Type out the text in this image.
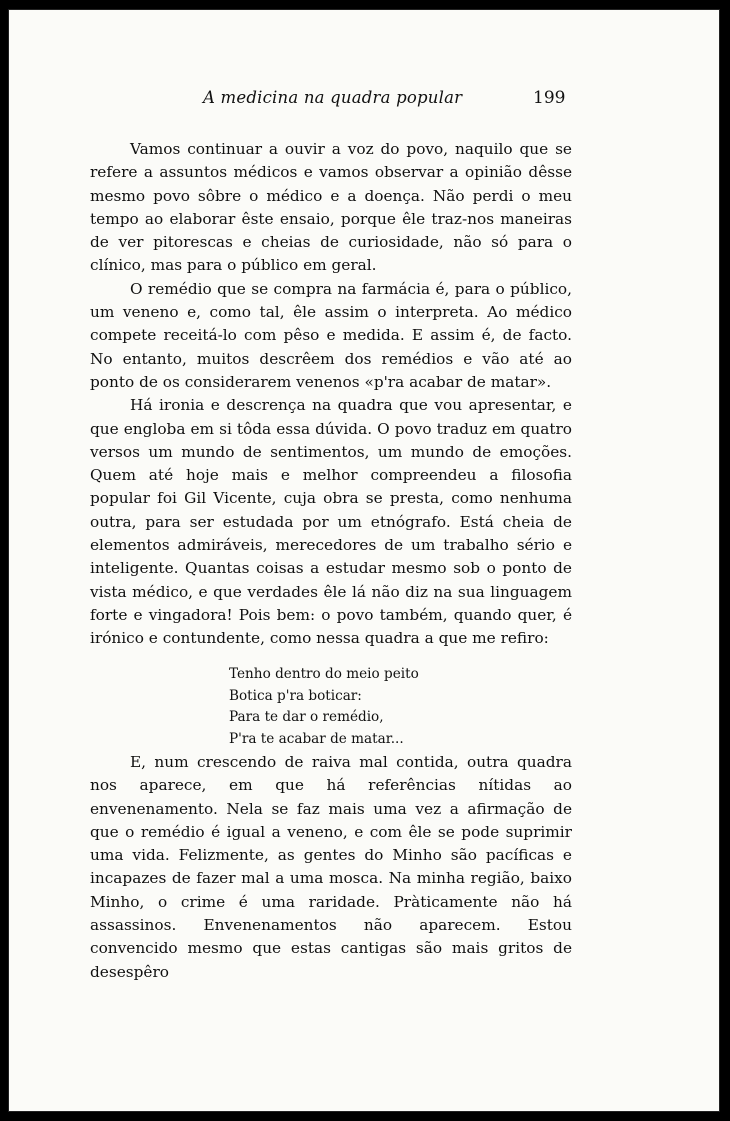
A medicina na quadra popular	199

Vamos continuar a ouvir a voz do povo, naquilo que se refere a assuntos médicos e vamos observar a opinião dêsse mesmo povo sôbre o médico e a doença. Não perdi o meu tempo ao elaborar êste ensaio, porque êle traz-nos maneiras de ver pitorescas e cheias de curiosidade, não só para o clínico, mas para o público em geral.

O remédio que se compra na farmácia é, para o público, um veneno e, como tal, êle assim o interpreta. Ao médico compete receitá-lo com pêso e medida. E assim é, de facto. No entanto, muitos descrêem dos remédios e vão até ao ponto de os considerarem venenos «p'ra acabar de matar».

Há ironia e descrença na quadra que vou apresentar, e que engloba em si tôda essa dúvida. O povo traduz em quatro versos um mundo de sentimentos, um mundo de emoções. Quem até hoje mais e melhor compreendeu a filosofia popular foi Gil Vicente, cuja obra se presta, como nenhuma outra, para ser estudada por um etnógrafo. Está cheia de elementos admiráveis, merecedores de um trabalho sério e inteligente. Quantas coisas a estudar mesmo sob o ponto de vista médico, e que verdades êle lá não diz na sua linguagem forte e vingadora! Pois bem: o povo também, quando quer, é irónico e contundente, como nessa quadra a que me refiro:

Tenho dentro do meio peito
Botica p'ra boticar:
Para te dar o remédio,
P'ra te acabar de matar...

E, num crescendo de raiva mal contida, outra quadra nos aparece, em que há referências nítidas ao envenenamento. Nela se faz mais uma vez a afirmação de que o remédio é igual a veneno, e com êle se pode suprimir uma vida. Felizmente, as gentes do Minho são pacíficas e incapazes de fazer mal a uma mosca. Na minha região, baixo Minho, o crime é uma raridade. Pràticamente não há assassinos. Envenenamentos não aparecem. Estou convencido mesmo que estas cantigas são mais gritos de desespêro
